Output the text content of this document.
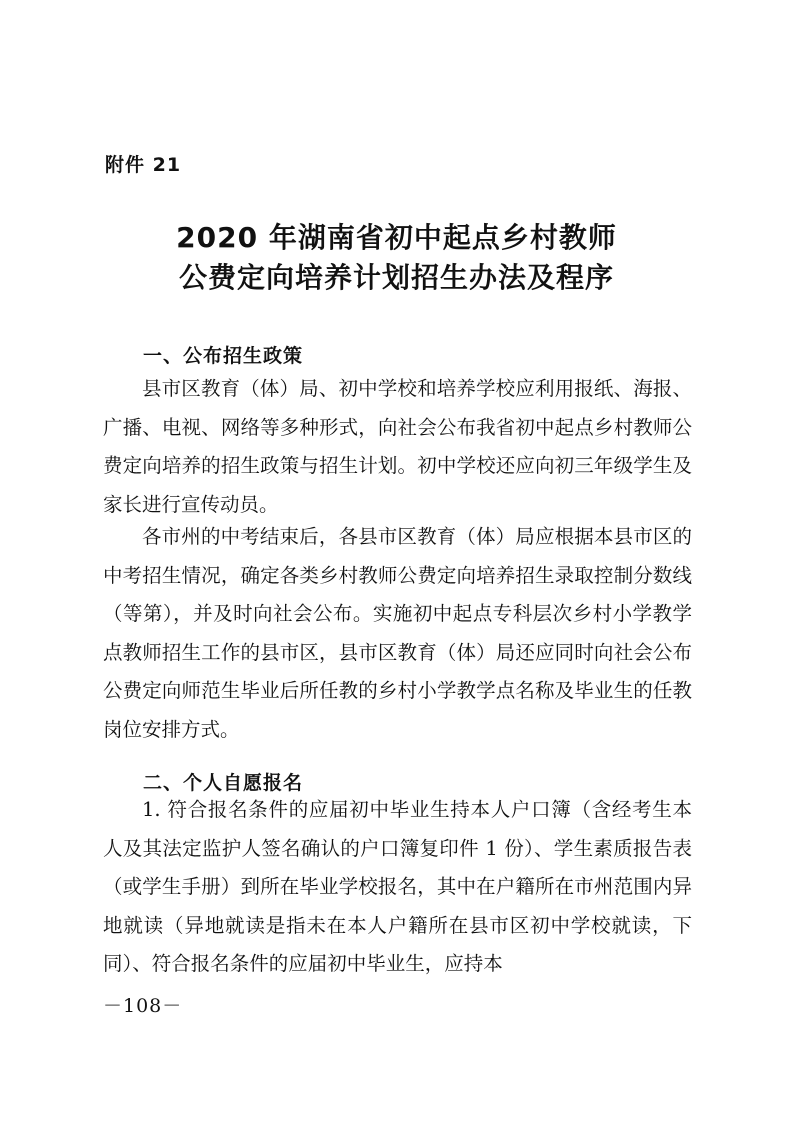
附件 21
2020 年湖南省初中起点乡村教师
公费定向培养计划招生办法及程序
一、公布招生政策

县市区教育（体）局、初中学校和培养学校应利用报纸、海报、广播、电视、网络等多种形式，向社会公布我省初中起点乡村教师公费定向培养的招生政策与招生计划。初中学校还应向初三年级学生及家长进行宣传动员。

各市州的中考结束后，各县市区教育（体）局应根据本县市区的中考招生情况，确定各类乡村教师公费定向培养招生录取控制分数线（等第），并及时向社会公布。实施初中起点专科层次乡村小学教学点教师招生工作的县市区，县市区教育（体）局还应同时向社会公布公费定向师范生毕业后所任教的乡村小学教学点名称及毕业生的任教岗位安排方式。

二、个人自愿报名

1. 符合报名条件的应届初中毕业生持本人户口簿（含经考生本人及其法定监护人签名确认的户口簿复印件 1 份）、学生素质报告表（或学生手册）到所在毕业学校报名，其中在户籍所在市州范围内异地就读（异地就读是指未在本人户籍所在县市区初中学校就读，下同）、符合报名条件的应届初中毕业生，应持本

－108－
